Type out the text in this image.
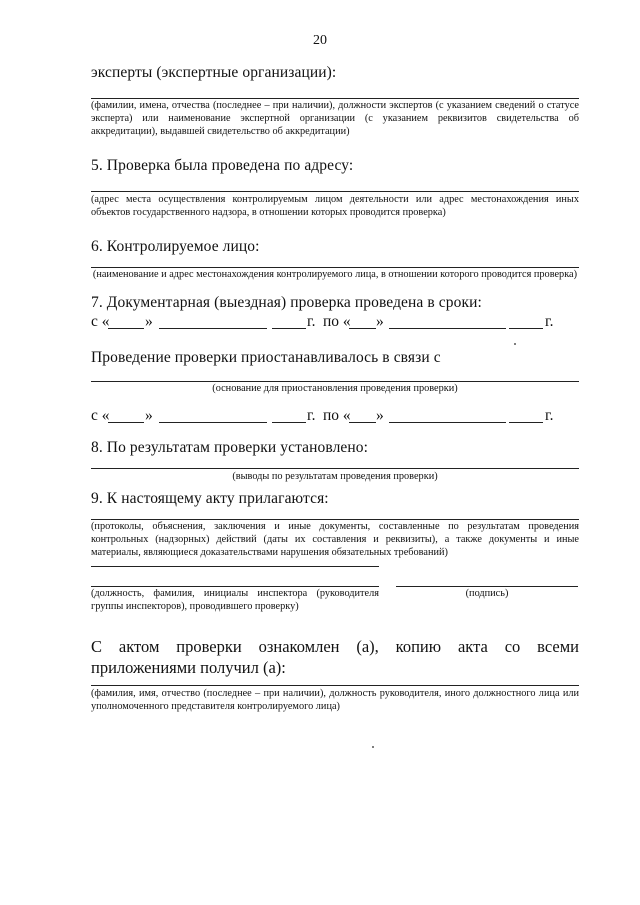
20
эксперты (экспертные организации):
(фамилии, имена, отчества (последнее – при наличии), должности экспертов (с указанием сведений о статусе эксперта) или наименование экспертной организации (с указанием реквизитов свидетельства об аккредитации), выдавшей свидетельство об аккредитации)
5. Проверка была проведена по адресу:
(адрес места осуществления контролируемым лицом деятельности или адрес местонахождения иных объектов государственного надзора, в отношении которых проводится проверка)
6. Контролируемое лицо:
(наименование и адрес местонахождения контролируемого лица, в отношении которого проводится проверка)
7. Документарная (выездная) проверка проведена в сроки:
с « »	г. по « »	г.
Проведение проверки приостанавливалось в связи с
(основание для приостановления проведения проверки)
с « »	г. по « »	г.
8. По результатам проверки установлено:
(выводы по результатам проведения проверки)
9. К настоящему акту прилагаются:
(протоколы, объяснения, заключения и иные документы, составленные по результатам проведения контрольных (надзорных) действий (даты их составления и реквизиты), а также документы и иные материалы, являющиеся доказательствами нарушения обязательных требований)
(должность, фамилия, инициалы инспектора (руководителя группы инспекторов), проводившего проверку)
(подпись)
С актом проверки ознакомлен (а), копию акта со всеми приложениями получил (а):
(фамилия, имя, отчество (последнее – при наличии), должность руководителя, иного должностного лица или уполномоченного представителя контролируемого лица)
